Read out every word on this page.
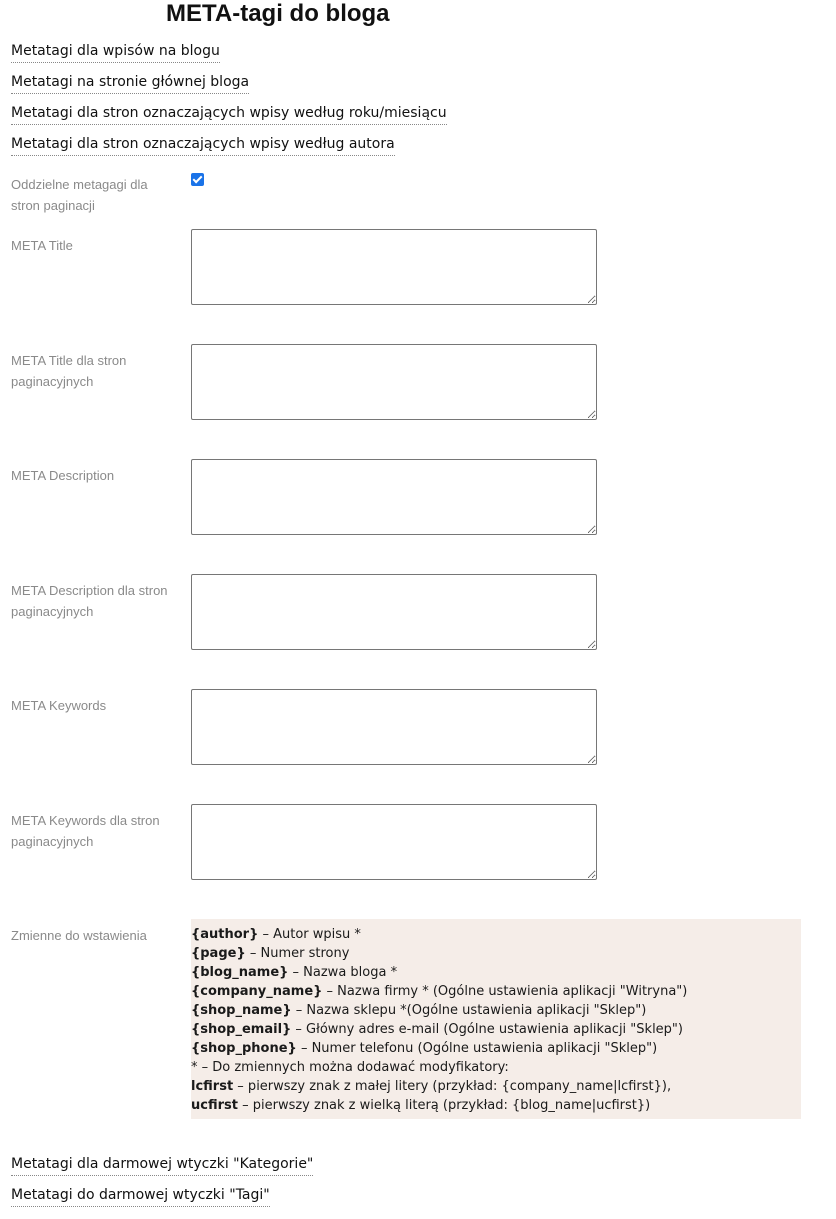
META-tagi do bloga
Metatagi dla wpisów na blogu
Metatagi na stronie głównej bloga
Metatagi dla stron oznaczających wpisy według roku/miesiącu
Metatagi dla stron oznaczających wpisy według autora
Oddzielne metagagi dla stron paginacji
META Title
META Title dla stron paginacyjnych
META Description
META Description dla stron paginacyjnych
META Keywords
META Keywords dla stron paginacyjnych
Zmienne do wstawienia	{author} – Autor wpisu *
{page} – Numer strony
{blog_name} – Nazwa bloga *
{company_name} – Nazwa firmy * (Ogólne ustawienia aplikacji "Witryna")
{shop_name} – Nazwa sklepu *(Ogólne ustawienia aplikacji "Sklep")
{shop_email} – Główny adres e-mail (Ogólne ustawienia aplikacji "Sklep")
{shop_phone} – Numer telefonu (Ogólne ustawienia aplikacji "Sklep")
* – Do zmiennych można dodawać modyfikatory:
lcfirst – pierwszy znak z małej litery (przykład: {company_name|lcfirst}),
ucfirst – pierwszy znak z wielką literą (przykład: {blog_name|ucfirst})
Metatagi dla darmowej wtyczki "Kategorie"
Metatagi do darmowej wtyczki "Tagi"
